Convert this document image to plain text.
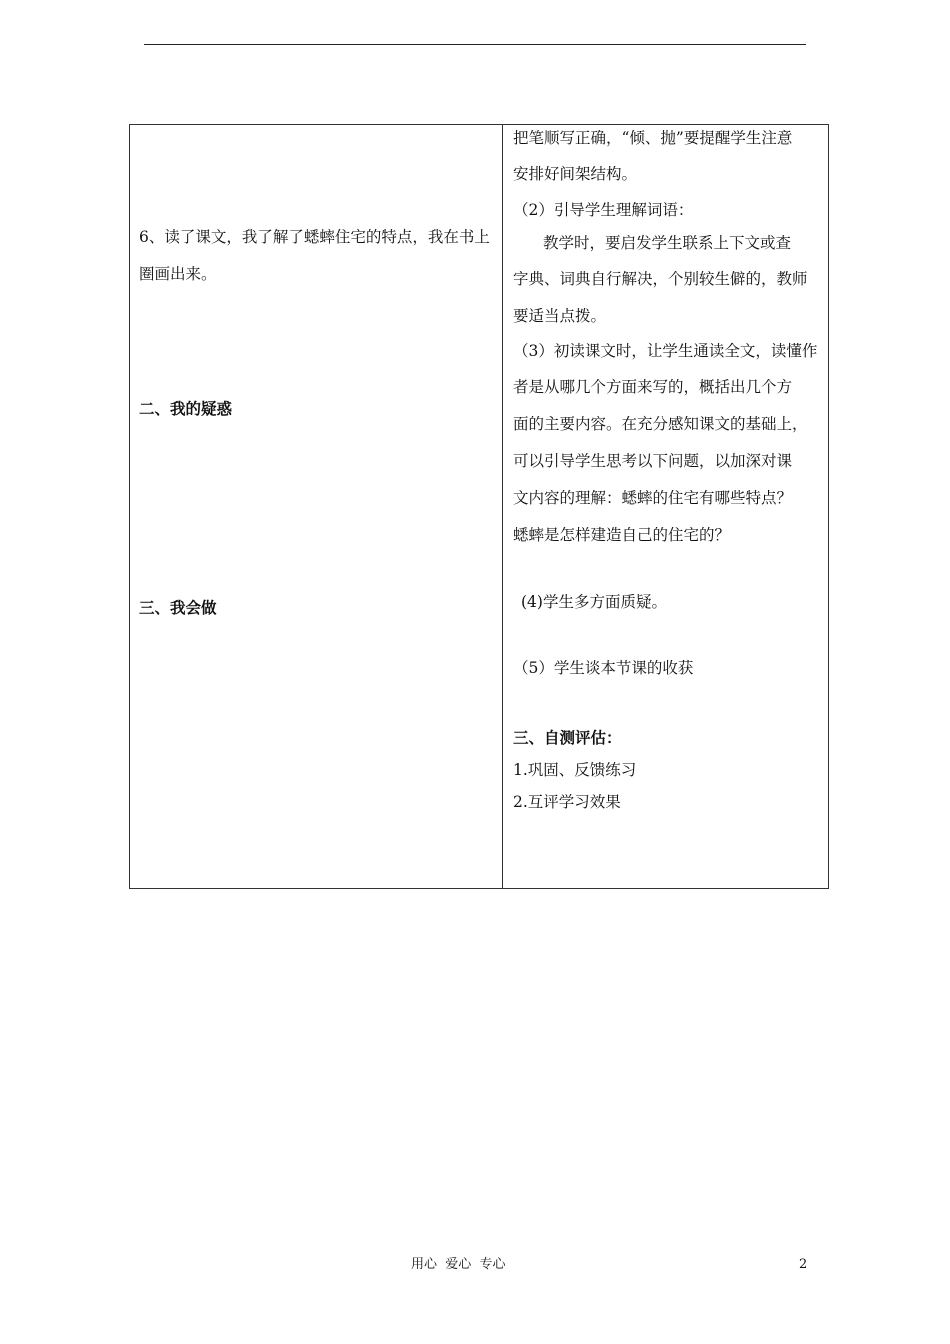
6、读了课文，我了解了蟋蟀住宅的特点，我在书上
圈画出来。
二、我的疑惑
三、我会做
把笔顺写正确，“倾、抛”要提醒学生注意
安排好间架结构。
（2）引导学生理解词语：
教学时，要启发学生联系上下文或查
字典、词典自行解决，个别较生僻的，教师
要适当点拨。
（3）初读课文时，让学生通读全文，读懂作
者是从哪几个方面来写的，概括出几个方
面的主要内容。在充分感知课文的基础上，
可以引导学生思考以下问题，以加深对课
文内容的理解：蟋蟀的住宅有哪些特点？
蟋蟀是怎样建造自己的住宅的？
(4)学生多方面质疑。
（5）学生谈本节课的收获
三、自测评估：
1.巩固、反馈练习
2.互评学习效果
用心  爱心  专心	2
